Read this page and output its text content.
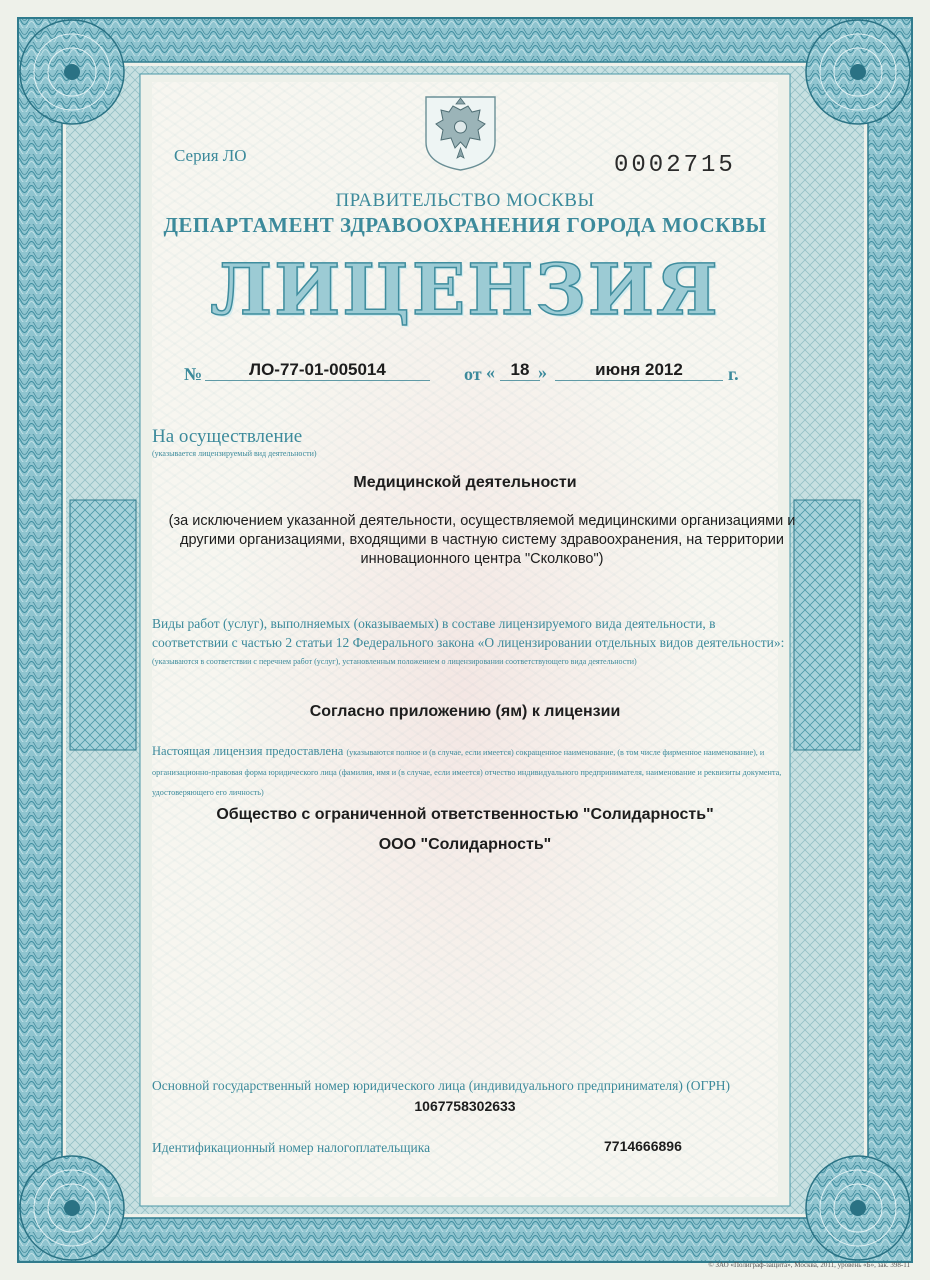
Серия ЛО	0002715
ПРАВИТЕЛЬСТВО МОСКВЫ
ДЕПАРТАМЕНТ ЗДРАВООХРАНЕНИЯ ГОРОДА МОСКВЫ
ЛИЦЕНЗИЯ
№	ЛО-77-01-005014	от « 18 »	июня 2012	г.
На осуществление
(указывается лицензируемый вид деятельности)
Медицинской деятельности
(за исключением указанной деятельности, осуществляемой медицинскими организациями и другими организациями, входящими в частную систему здравоохранения, на территории инновационного центра "Сколково")
Виды работ (услуг), выполняемых (оказываемых) в составе лицензируемого вида деятельности, в соответствии с частью 2 статьи 12 Федерального закона «О лицензировании отдельных видов деятельности»:
(указываются в соответствии с перечнем работ (услуг), установленным положением о лицензировании соответствующего вида деятельности)
Согласно приложению (ям) к лицензии
Настоящая лицензия предоставлена (указываются полное и (в случае, если имеется) сокращенное наименование, (в том числе фирменное наименование), и организационно-правовая форма юридического лица (фамилия, имя и (в случае, если имеется) отчество индивидуального предпринимателя, наименование и реквизиты документа, удостоверяющего его личность)
Общество с ограниченной ответственностью "Солидарность"
ООО "Солидарность"
Основной государственный номер юридического лица (индивидуального предпринимателя) (ОГРН)
1067758302633
Идентификационный номер налогоплательщика	7714666896
© ЗАО «Полиграф-защита», Москва, 2011, уровень «Б», зак. 398-11
